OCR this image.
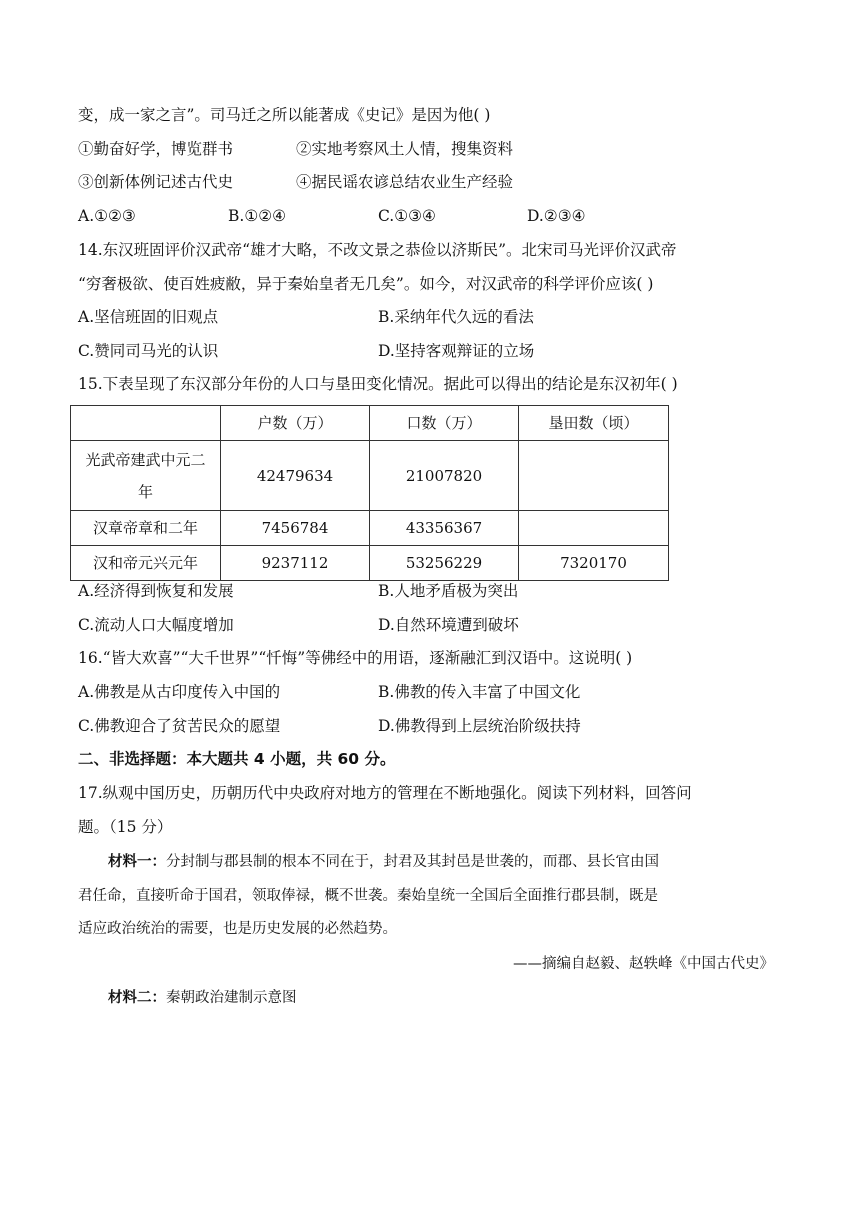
变，成一家之言”。司马迁之所以能著成《史记》是因为他( )
①勤奋好学，博览群书	②实地考察风土人情，搜集资料
③创新体例记述古代史	④据民谣农谚总结农业生产经验
A.①②③	B.①②④	C.①③④	D.②③④
14.东汉班固评价汉武帝“雄才大略，不改文景之恭俭以济斯民”。北宋司马光评价汉武帝
“穷奢极欲、使百姓疲敝，异于秦始皇者无几矣”。如今，对汉武帝的科学评价应该( )
A.坚信班固的旧观点	B.采纳年代久远的看法
C.赞同司马光的认识	D.坚持客观辩证的立场
15.下表呈现了东汉部分年份的人口与垦田变化情况。据此可以得出的结论是东汉初年( )
	户数（万）	口数（万）	垦田数（顷）
光武帝建武中元二年	42479634	21007820	
汉章帝章和二年	7456784	43356367	
汉和帝元兴元年	9237112	53256229	7320170
A.经济得到恢复和发展	B.人地矛盾极为突出
C.流动人口大幅度增加	D.自然环境遭到破坏
16.“皆大欢喜”“大千世界”“忏悔”等佛经中的用语，逐渐融汇到汉语中。这说明( )
A.佛教是从古印度传入中国的	B.佛教的传入丰富了中国文化
C.佛教迎合了贫苦民众的愿望	D.佛教得到上层统治阶级扶持
二、非选择题：本大题共 4 小题，共 60 分。
17.纵观中国历史，历朝历代中央政府对地方的管理在不断地强化。阅读下列材料，回答问
题。（15 分）
材料一：分封制与郡县制的根本不同在于，封君及其封邑是世袭的，而郡、县长官由国
君任命，直接听命于国君，领取俸禄，概不世袭。秦始皇统一全国后全面推行郡县制，既是
适应政治统治的需要，也是历史发展的必然趋势。
——摘编自赵毅、赵轶峰《中国古代史》
材料二：秦朝政治建制示意图
